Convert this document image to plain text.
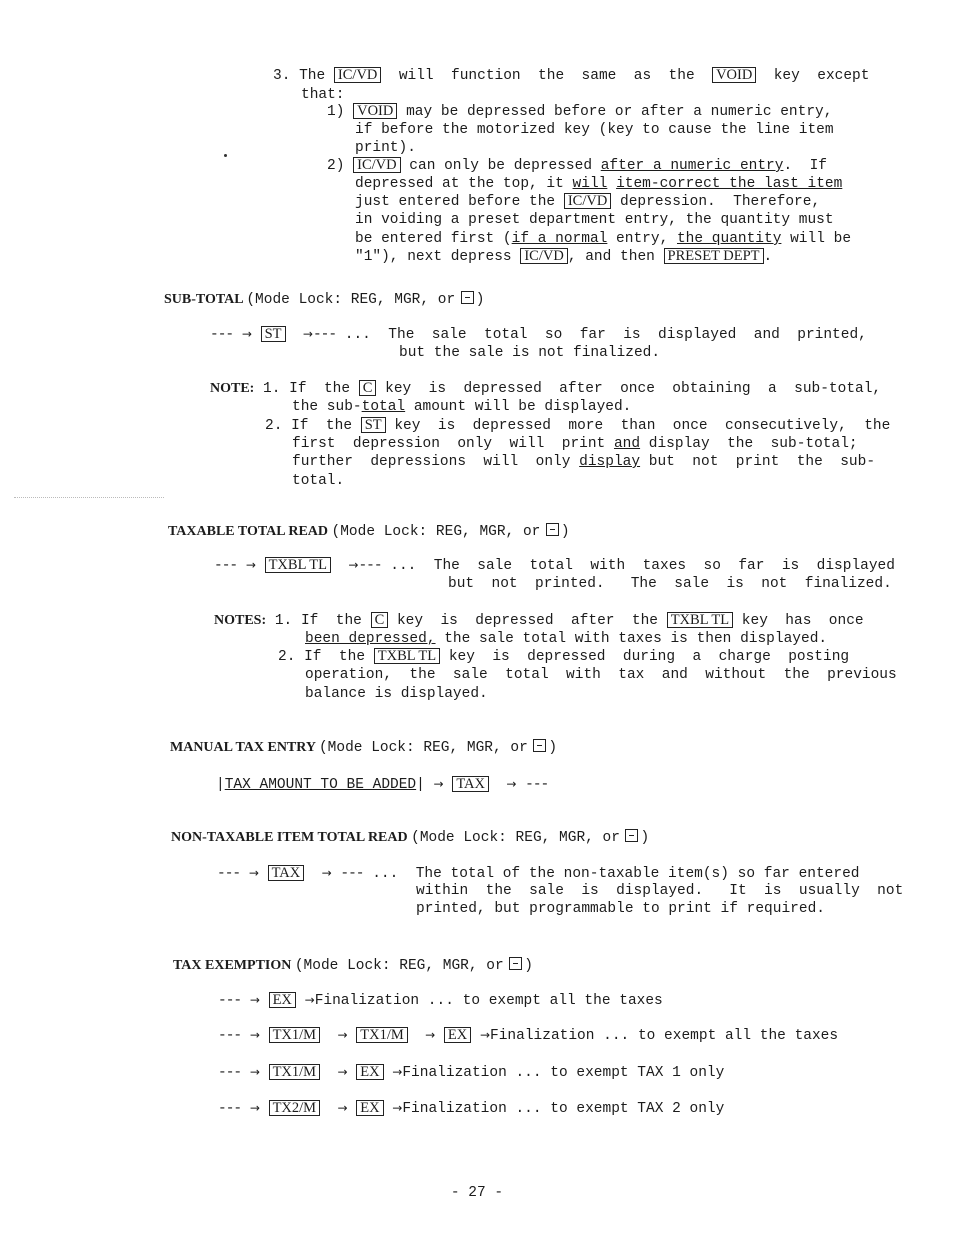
3. The IC/VD will  function  the  same  as  the VOID key  except
that:
1) VOID may be depressed before or after a numeric entry,
if before the motorized key (key to cause the line item
print).
2) IC/VD can only be depressed after a numeric entry.  If
depressed at the top, it will item-correct the last item
just entered before the IC/VD depression.  Therefore,
in voiding a preset department entry, the quantity must
be entered first (if a normal entry, the quantity will be
"1"), next depress IC/VD , and then PRESET DEPT .
SUB-TOTAL (Mode Lock: REG, MGR, or )
--- → ST →--- ...  The  sale  total  so  far  is  displayed  and  printed,
but the sale is not finalized.
NOTE: 1. If  the C key  is  depressed  after  once  obtaining  a  sub-total,
the sub-total amount will be displayed.
2. If  the ST key  is  depressed  more  than  once  consecutively,  the
first  depression  only  will  print and display  the  sub-total;
further  depressions  will  only display but  not  print  the  sub-
total.
TAXABLE TOTAL READ (Mode Lock: REG, MGR, or )
--- → TXBL TL →--- ...  The  sale  total  with  taxes  so  far  is  displayed
but  not  printed.   The  sale  is  not  finalized.
NOTES: 1. If  the C key  is  depressed  after  the TXBL TL key  has  once
been depressed, the sale total with taxes is then displayed.
2. If  the TXBL TL key  is  depressed  during  a  charge  posting
operation,  the  sale  total  with  tax  and  without  the  previous
balance is displayed.
MANUAL TAX ENTRY (Mode Lock: REG, MGR, or )
|TAX AMOUNT TO BE ADDED| → TAX → ---
NON-TAXABLE ITEM TOTAL READ (Mode Lock: REG, MGR, or )
--- → TAX → --- ...  The total of the non-taxable item(s) so far entered
within  the  sale  is  displayed.   It  is  usually  not
printed, but programmable to print if required.
TAX EXEMPTION (Mode Lock: REG, MGR, or )
--- → EX →Finalization ... to exempt all the taxes
--- → TX1/M → TX1/M → EX →Finalization ... to exempt all the taxes
--- → TX1/M → EX →Finalization ... to exempt TAX 1 only
--- → TX2/M → EX →Finalization ... to exempt TAX 2 only
- 27 -
